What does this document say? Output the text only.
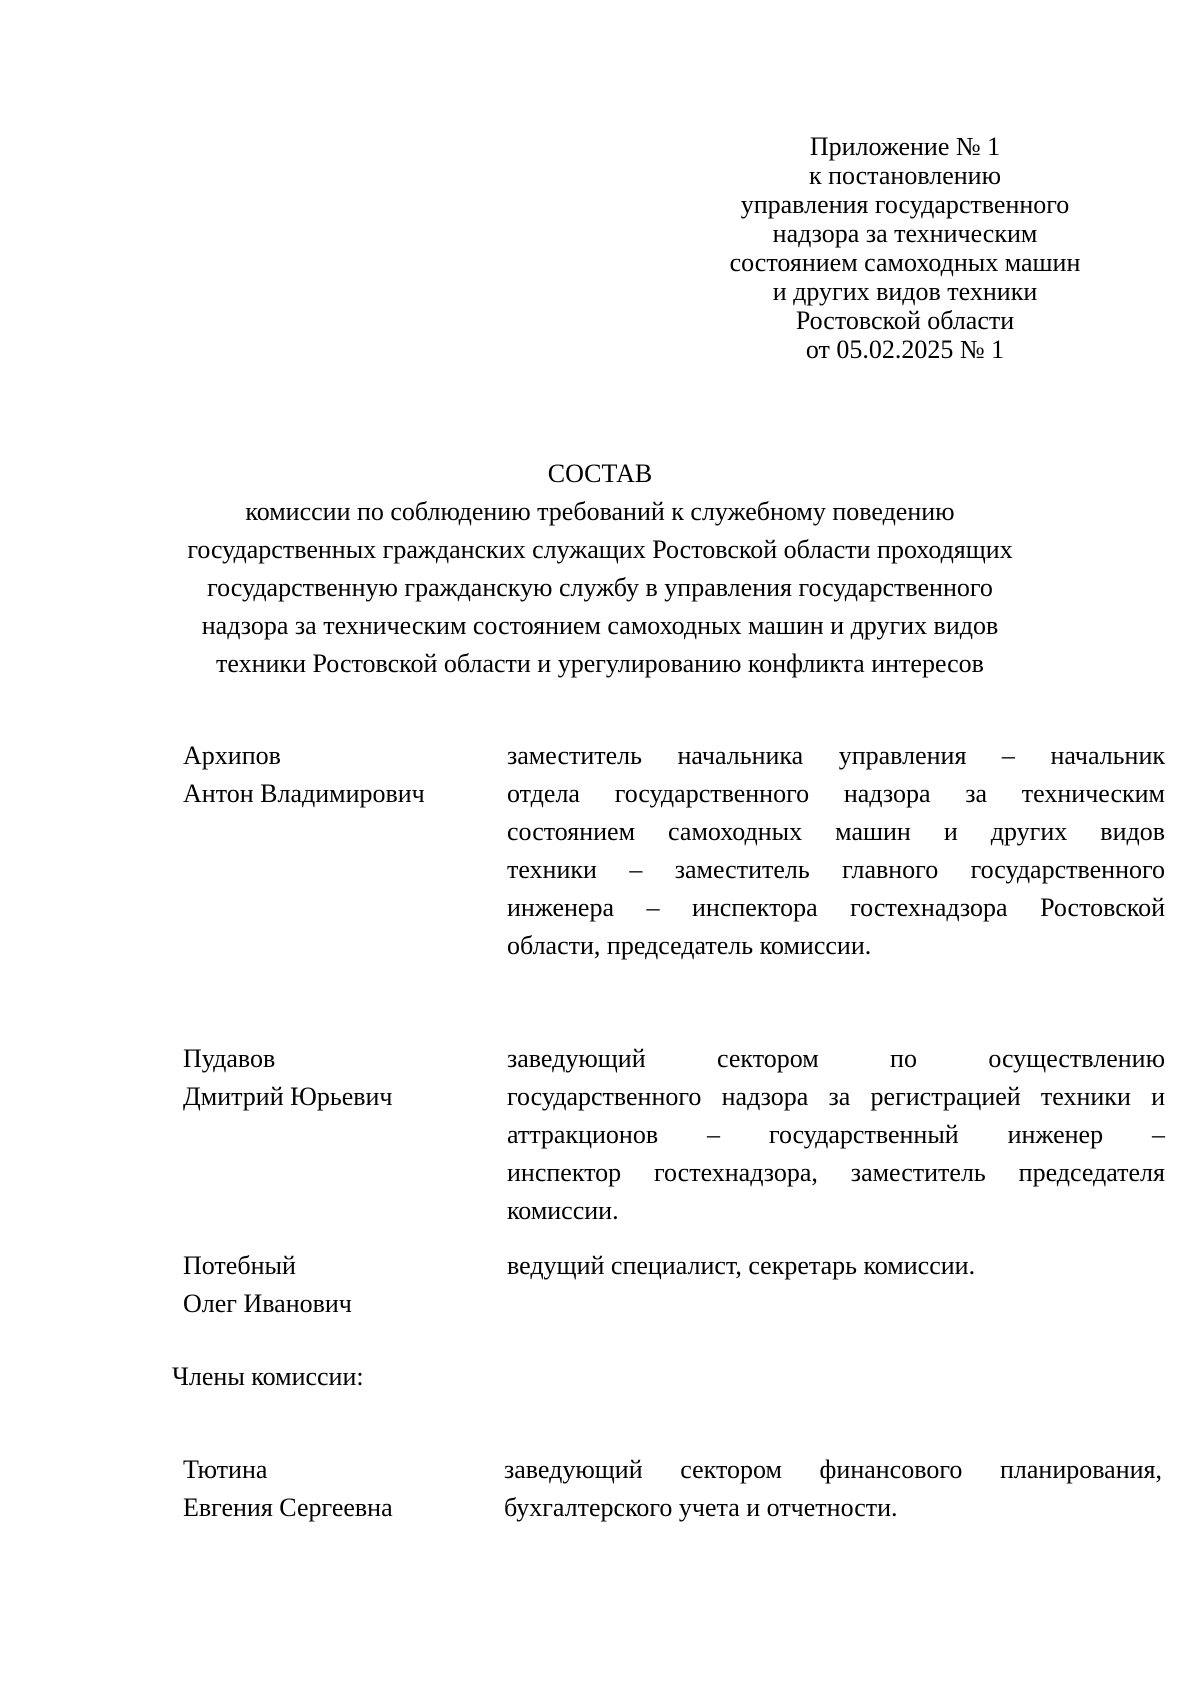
Приложение № 1
к постановлению
управления государственного
надзора за техническим
состоянием самоходных машин
и других видов техники
Ростовской области
от 05.02.2025 № 1
СОСТАВ
комиссии по соблюдению требований к служебному поведению
государственных гражданских служащих Ростовской области проходящих
государственную гражданскую службу в управления государственного
надзора за техническим состоянием самоходных машин и других видов
техники Ростовской области и урегулированию конфликта интересов
Архипов
Антон Владимирович
заместитель начальника управления – начальник
отдела государственного надзора за техническим
состоянием самоходных машин и других видов
техники – заместитель главного государственного
инженера – инспектора гостехнадзора Ростовской
области, председатель комиссии.
Пудавов
Дмитрий Юрьевич
заведующий сектором по осуществлению
государственного надзора за регистрацией техники и
аттракционов – государственный инженер –
инспектор гостехнадзора, заместитель председателя
комиссии.
Потебный
Олег Иванович
ведущий специалист, секретарь комиссии.
Члены комиссии:
Тютина
Евгения Сергеевна
заведующий сектором финансового планирования,
бухгалтерского учета и отчетности.
